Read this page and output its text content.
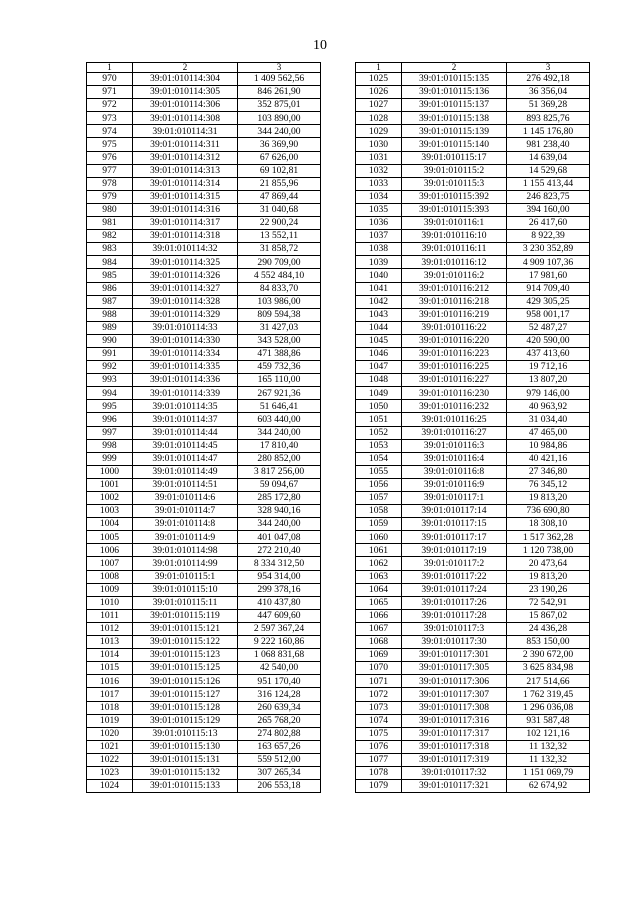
10
1	2	3
970	39:01:010114:304	1 409 562,56
971	39:01:010114:305	846 261,90
972	39:01:010114:306	352 875,01
973	39:01:010114:308	103 890,00
974	39:01:010114:31	344 240,00
975	39:01:010114:311	36 369,90
976	39:01:010114:312	67 626,00
977	39:01:010114:313	69 102,81
978	39:01:010114:314	21 855,96
979	39:01:010114:315	47 869,44
980	39:01:010114:316	31 040,68
981	39:01:010114:317	22 900,24
982	39:01:010114:318	13 552,11
983	39:01:010114:32	31 858,72
984	39:01:010114:325	290 709,00
985	39:01:010114:326	4 552 484,10
986	39:01:010114:327	84 833,70
987	39:01:010114:328	103 986,00
988	39:01:010114:329	809 594,38
989	39:01:010114:33	31 427,03
990	39:01:010114:330	343 528,00
991	39:01:010114:334	471 388,86
992	39:01:010114:335	459 732,36
993	39:01:010114:336	165 110,00
994	39:01:010114:339	267 921,36
995	39:01:010114:35	51 646,41
996	39:01:010114:37	603 440,00
997	39:01:010114:44	344 240,00
998	39:01:010114:45	17 810,40
999	39:01:010114:47	280 852,00
1000	39:01:010114:49	3 817 256,00
1001	39:01:010114:51	59 094,67
1002	39:01:010114:6	285 172,80
1003	39:01:010114:7	328 940,16
1004	39:01:010114:8	344 240,00
1005	39:01:010114:9	401 047,08
1006	39:01:010114:98	272 210,40
1007	39:01:010114:99	8 334 312,50
1008	39:01:010115:1	954 314,00
1009	39:01:010115:10	299 378,16
1010	39:01:010115:11	410 437,80
1011	39:01:010115:119	447 609,60
1012	39:01:010115:121	2 597 367,24
1013	39:01:010115:122	9 222 160,86
1014	39:01:010115:123	1 068 831,68
1015	39:01:010115:125	42 540,00
1016	39:01:010115:126	951 170,40
1017	39:01:010115:127	316 124,28
1018	39:01:010115:128	260 639,34
1019	39:01:010115:129	265 768,20
1020	39:01:010115:13	274 802,88
1021	39:01:010115:130	163 657,26
1022	39:01:010115:131	559 512,00
1023	39:01:010115:132	307 265,34
1024	39:01:010115:133	206 553,18
1	2	3
1025	39:01:010115:135	276 492,18
1026	39:01:010115:136	36 356,04
1027	39:01:010115:137	51 369,28
1028	39:01:010115:138	893 825,76
1029	39:01:010115:139	1 145 176,80
1030	39:01:010115:140	981 238,40
1031	39:01:010115:17	14 639,04
1032	39:01:010115:2	14 529,68
1033	39:01:010115:3	1 155 413,44
1034	39:01:010115:392	246 823,75
1035	39:01:010115:393	394 160,00
1036	39:01:010116:1	26 417,60
1037	39:01:010116:10	8 922,39
1038	39:01:010116:11	3 230 352,89
1039	39:01:010116:12	4 909 107,36
1040	39:01:010116:2	17 981,60
1041	39:01:010116:212	914 709,40
1042	39:01:010116:218	429 305,25
1043	39:01:010116:219	958 001,17
1044	39:01:010116:22	52 487,27
1045	39:01:010116:220	420 590,00
1046	39:01:010116:223	437 413,60
1047	39:01:010116:225	19 712,16
1048	39:01:010116:227	13 807,20
1049	39:01:010116:230	979 146,00
1050	39:01:010116:232	40 963,92
1051	39:01:010116:25	31 034,40
1052	39:01:010116:27	47 465,00
1053	39:01:010116:3	10 984,86
1054	39:01:010116:4	40 421,16
1055	39:01:010116:8	27 346,80
1056	39:01:010116:9	76 345,12
1057	39:01:010117:1	19 813,20
1058	39:01:010117:14	736 690,80
1059	39:01:010117:15	18 308,10
1060	39:01:010117:17	1 517 362,28
1061	39:01:010117:19	1 120 738,00
1062	39:01:010117:2	20 473,64
1063	39:01:010117:22	19 813,20
1064	39:01:010117:24	23 190,26
1065	39:01:010117:26	72 542,91
1066	39:01:010117:28	15 867,02
1067	39:01:010117:3	24 436,28
1068	39:01:010117:30	853 150,00
1069	39:01:010117:301	2 390 672,00
1070	39:01:010117:305	3 625 834,98
1071	39:01:010117:306	217 514,66
1072	39:01:010117:307	1 762 319,45
1073	39:01:010117:308	1 296 036,08
1074	39:01:010117:316	931 587,48
1075	39:01:010117:317	102 121,16
1076	39:01:010117:318	11 132,32
1077	39:01:010117:319	11 132,32
1078	39:01:010117:32	1 151 069,79
1079	39:01:010117:321	62 674,92
